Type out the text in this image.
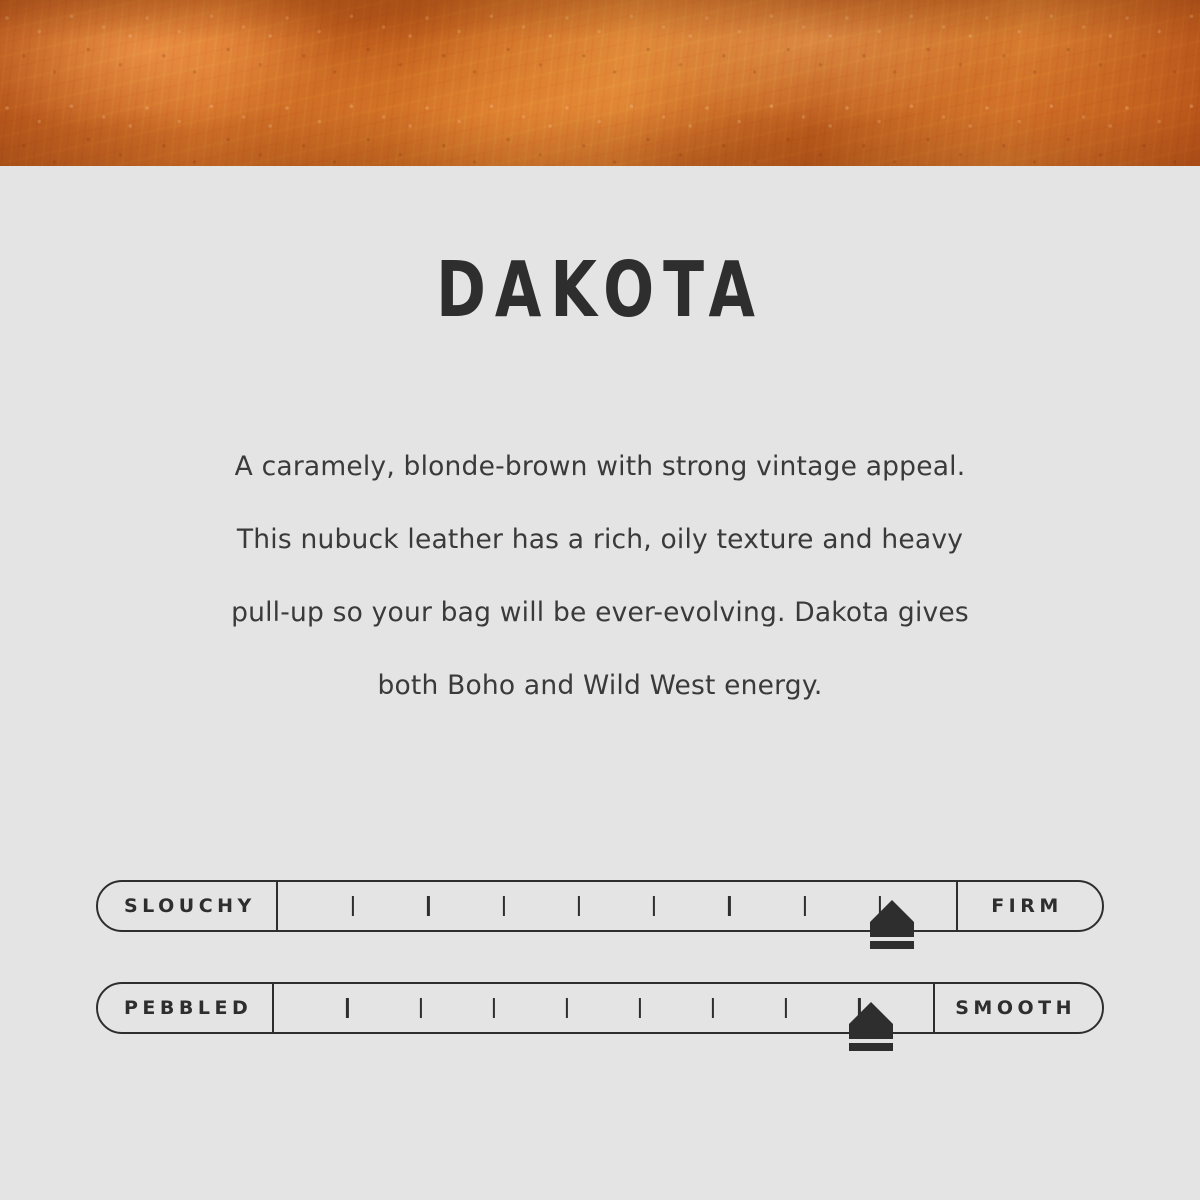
DAKOTA
A caramely, blonde-brown with strong vintage appeal.
This nubuck leather has a rich, oily texture and heavy
pull-up so your bag will be ever-evolving. Dakota gives
both Boho and Wild West energy.
SLOUCHY	FIRM
PEBBLED	SMOOTH
